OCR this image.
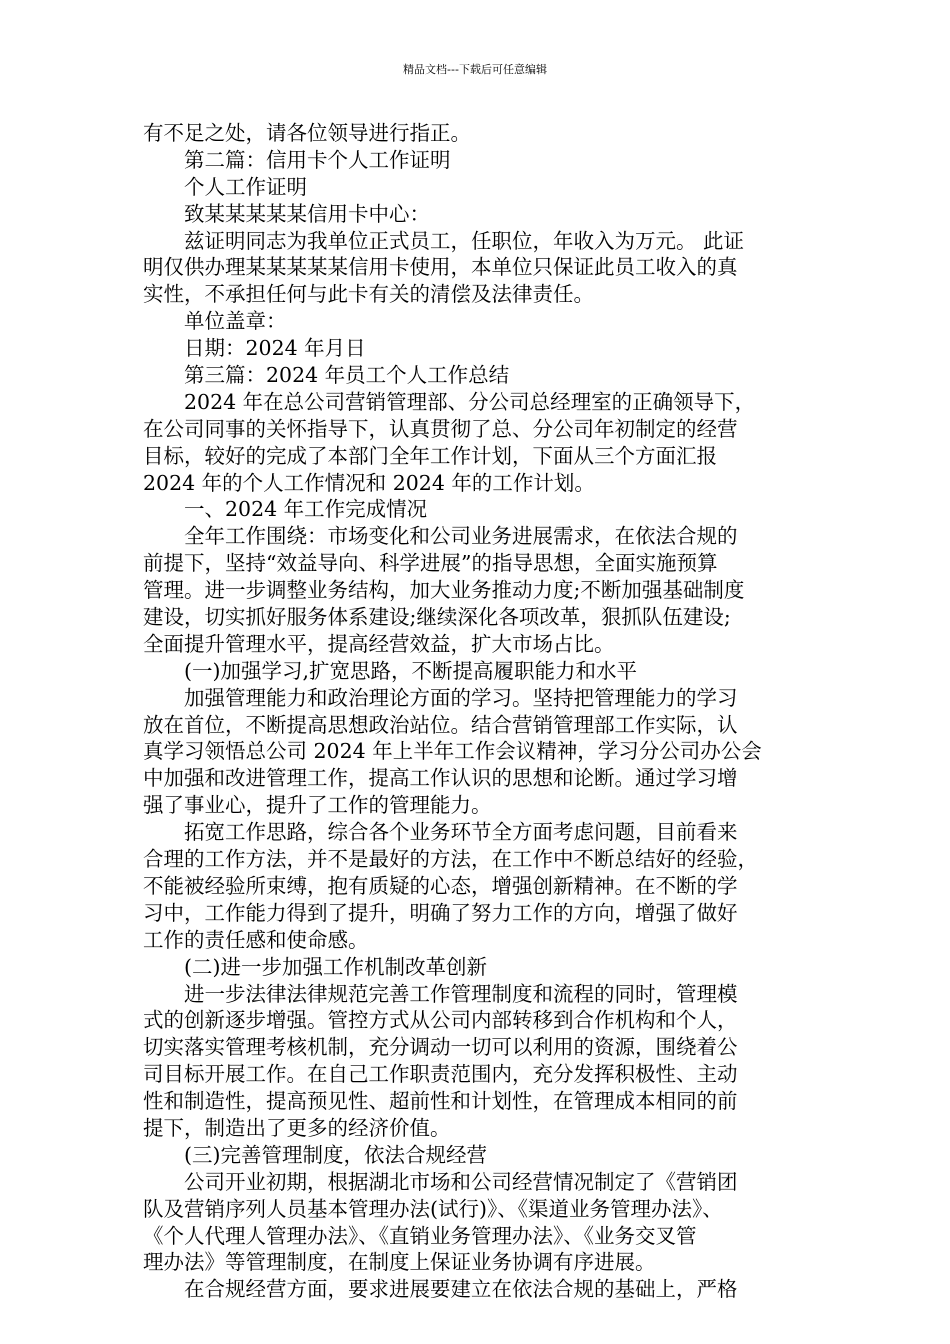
精品文档---下载后可任意编辑
有不足之处，请各位领导进行指正。
　　第二篇：信用卡个人工作证明
　　个人工作证明
　　致某某某某某信用卡中心：
　　兹证明同志为我单位正式员工，任职位，年收入为万元。 此证
明仅供办理某某某某某信用卡使用，本单位只保证此员工收入的真
实性，不承担任何与此卡有关的清偿及法律责任。
　　单位盖章：
　　日期：2024 年月日
　　第三篇：2024 年员工个人工作总结
　　2024 年在总公司营销管理部、分公司总经理室的正确领导下，
在公司同事的关怀指导下，认真贯彻了总、分公司年初制定的经营
目标，较好的完成了本部门全年工作计划，下面从三个方面汇报
2024 年的个人工作情况和 2024 年的工作计划。
　　一、2024 年工作完成情况
　　全年工作围绕：市场变化和公司业务进展需求，在依法合规的
前提下，坚持“效益导向、科学进展”的指导思想，全面实施预算
管理。进一步调整业务结构，加大业务推动力度;不断加强基础制度
建设，切实抓好服务体系建设;继续深化各项改革，狠抓队伍建设;
全面提升管理水平，提高经营效益，扩大市场占比。
　　(一)加强学习,扩宽思路，不断提高履职能力和水平
　　加强管理能力和政治理论方面的学习。坚持把管理能力的学习
放在首位，不断提高思想政治站位。结合营销管理部工作实际，认
真学习领悟总公司 2024 年上半年工作会议精神，学习分公司办公会
中加强和改进管理工作，提高工作认识的思想和论断。通过学习增
强了事业心，提升了工作的管理能力。
　　拓宽工作思路，综合各个业务环节全方面考虑问题，目前看来
合理的工作方法，并不是最好的方法，在工作中不断总结好的经验，
不能被经验所束缚，抱有质疑的心态，增强创新精神。在不断的学
习中，工作能力得到了提升，明确了努力工作的方向，增强了做好
工作的责任感和使命感。
　　(二)进一步加强工作机制改革创新
　　进一步法律法律规范完善工作管理制度和流程的同时，管理模
式的创新逐步增强。管控方式从公司内部转移到合作机构和个人，
切实落实管理考核机制，充分调动一切可以利用的资源，围绕着公
司目标开展工作。在自己工作职责范围内，充分发挥积极性、主动
性和制造性，提高预见性、超前性和计划性，在管理成本相同的前
提下，制造出了更多的经济价值。
　　(三)完善管理制度，依法合规经营
　　公司开业初期，根据湖北市场和公司经营情况制定了《营销团
队及营销序列人员基本管理办法(试行)》、《渠道业务管理办法》、
《个人代理人管理办法》、《直销业务管理办法》、《业务交叉管
理办法》等管理制度，在制度上保证业务协调有序进展。
　　在合规经营方面，要求进展要建立在依法合规的基础上，严格
